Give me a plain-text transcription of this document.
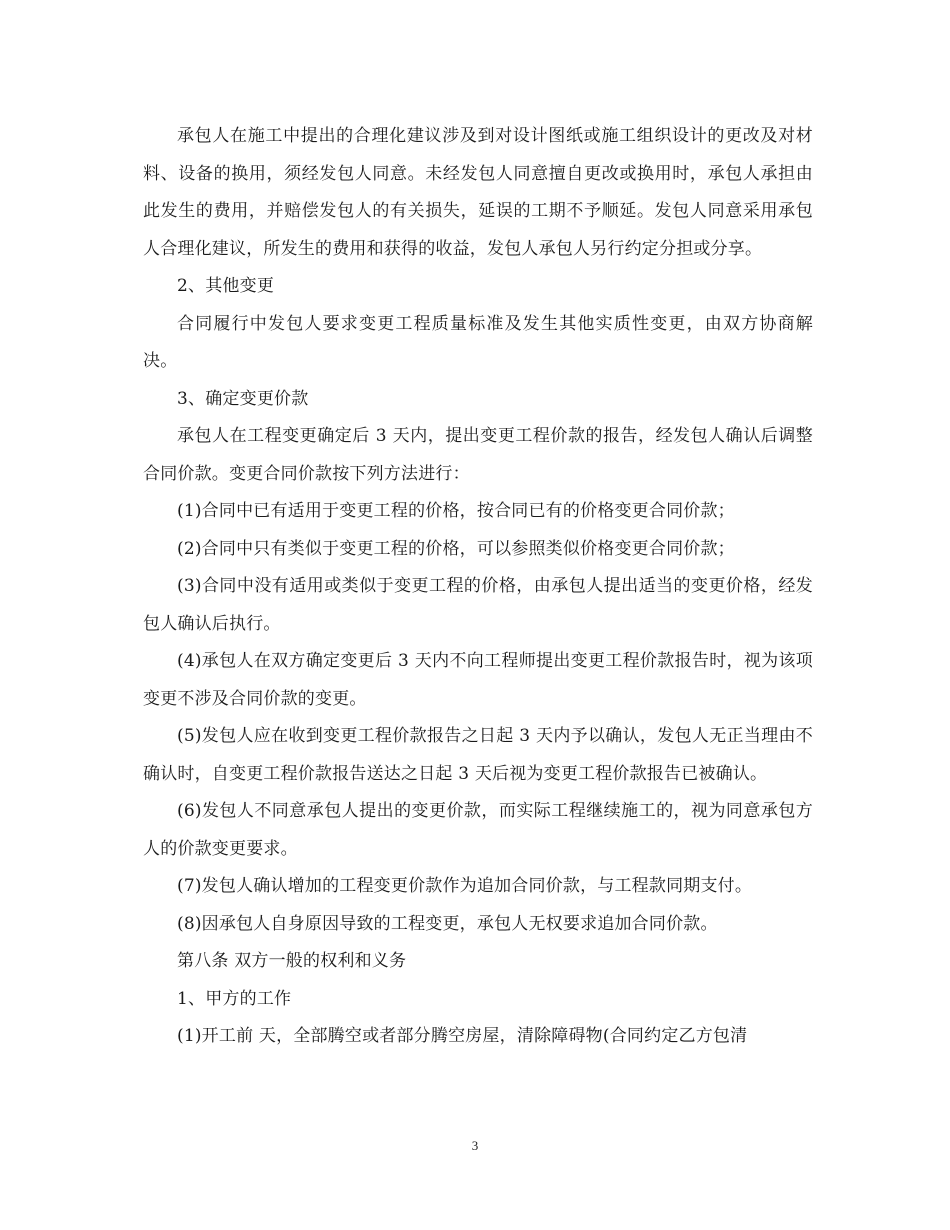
承包人在施工中提出的合理化建议涉及到对设计图纸或施工组织设计的更改及对材料、设备的换用，须经发包人同意。未经发包人同意擅自更改或换用时，承包人承担由此发生的费用，并赔偿发包人的有关损失，延误的工期不予顺延。发包人同意采用承包人合理化建议，所发生的费用和获得的收益，发包人承包人另行约定分担或分享。

2、其他变更

合同履行中发包人要求变更工程质量标准及发生其他实质性变更，由双方协商解决。

3、确定变更价款

承包人在工程变更确定后 3 天内，提出变更工程价款的报告，经发包人确认后调整合同价款。变更合同价款按下列方法进行：

(1)合同中已有适用于变更工程的价格，按合同已有的价格变更合同价款；

(2)合同中只有类似于变更工程的价格，可以参照类似价格变更合同价款；

(3)合同中没有适用或类似于变更工程的价格，由承包人提出适当的变更价格，经发包人确认后执行。

(4)承包人在双方确定变更后 3 天内不向工程师提出变更工程价款报告时，视为该项变更不涉及合同价款的变更。

(5)发包人应在收到变更工程价款报告之日起 3 天内予以确认，发包人无正当理由不确认时，自变更工程价款报告送达之日起 3 天后视为变更工程价款报告已被确认。

(6)发包人不同意承包人提出的变更价款，而实际工程继续施工的，视为同意承包方人的价款变更要求。

(7)发包人确认增加的工程变更价款作为追加合同价款，与工程款同期支付。

(8)因承包人自身原因导致的工程变更，承包人无权要求追加合同价款。

第八条 双方一般的权利和义务

1、甲方的工作

(1)开工前 天，全部腾空或者部分腾空房屋，清除障碍物(合同约定乙方包清

3
